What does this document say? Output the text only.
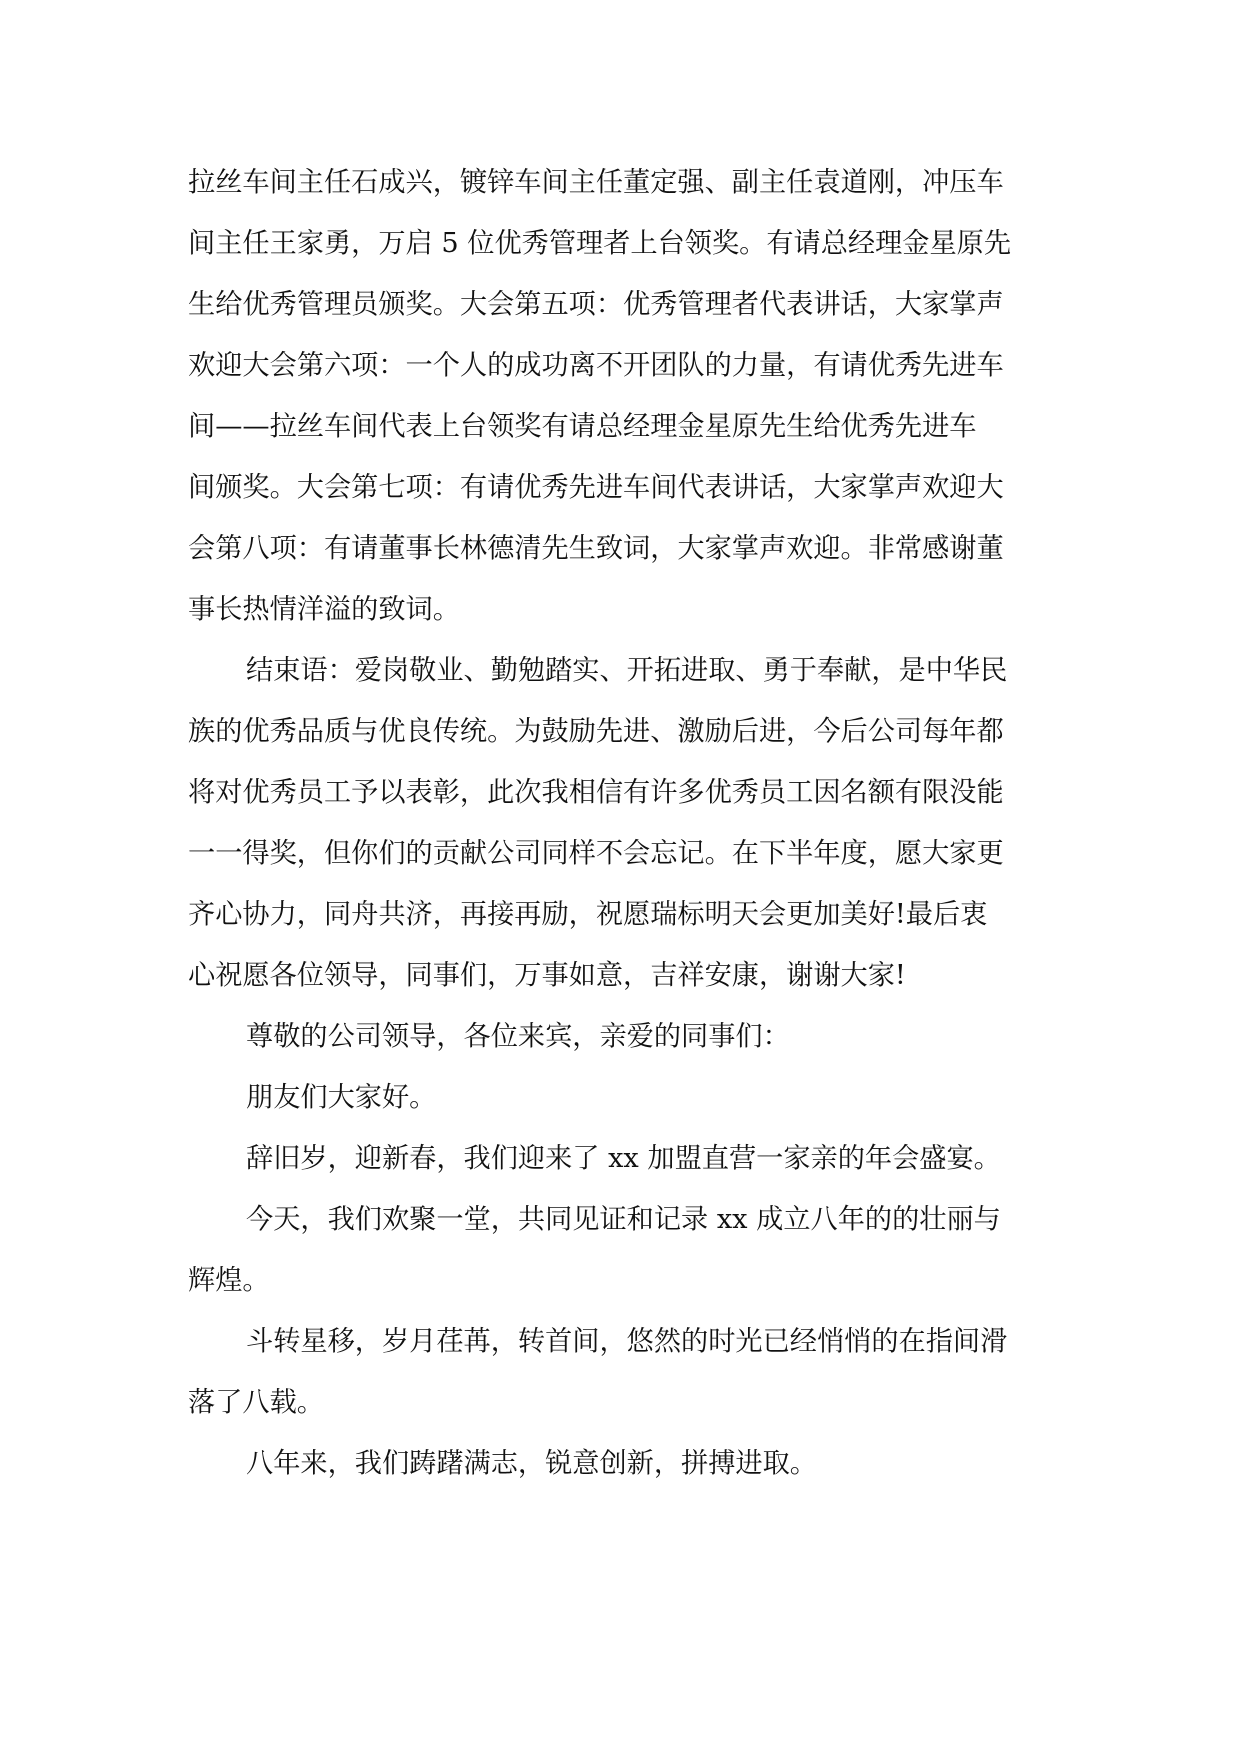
拉丝车间主任石成兴，镀锌车间主任董定强、副主任袁道刚，冲压车
间主任王家勇，万启 5 位优秀管理者上台领奖。有请总经理金星原先
生给优秀管理员颁奖。大会第五项：优秀管理者代表讲话，大家掌声
欢迎大会第六项：一个人的成功离不开团队的力量，有请优秀先进车
间——拉丝车间代表上台领奖有请总经理金星原先生给优秀先进车
间颁奖。大会第七项：有请优秀先进车间代表讲话，大家掌声欢迎大
会第八项：有请董事长林德清先生致词，大家掌声欢迎。非常感谢董
事长热情洋溢的致词。
结束语：爱岗敬业、勤勉踏实、开拓进取、勇于奉献，是中华民
族的优秀品质与优良传统。为鼓励先进、激励后进，今后公司每年都
将对优秀员工予以表彰，此次我相信有许多优秀员工因名额有限没能
一一得奖，但你们的贡献公司同样不会忘记。在下半年度，愿大家更
齐心协力，同舟共济，再接再励，祝愿瑞标明天会更加美好!最后衷
心祝愿各位领导，同事们，万事如意，吉祥安康，谢谢大家!
尊敬的公司领导，各位来宾，亲爱的同事们：
朋友们大家好。
辞旧岁，迎新春，我们迎来了 xx 加盟直营一家亲的年会盛宴。
今天，我们欢聚一堂，共同见证和记录 xx 成立八年的的壮丽与
辉煌。
斗转星移，岁月荏苒，转首间，悠然的时光已经悄悄的在指间滑
落了八载。
八年来，我们踌躇满志，锐意创新，拼搏进取。
